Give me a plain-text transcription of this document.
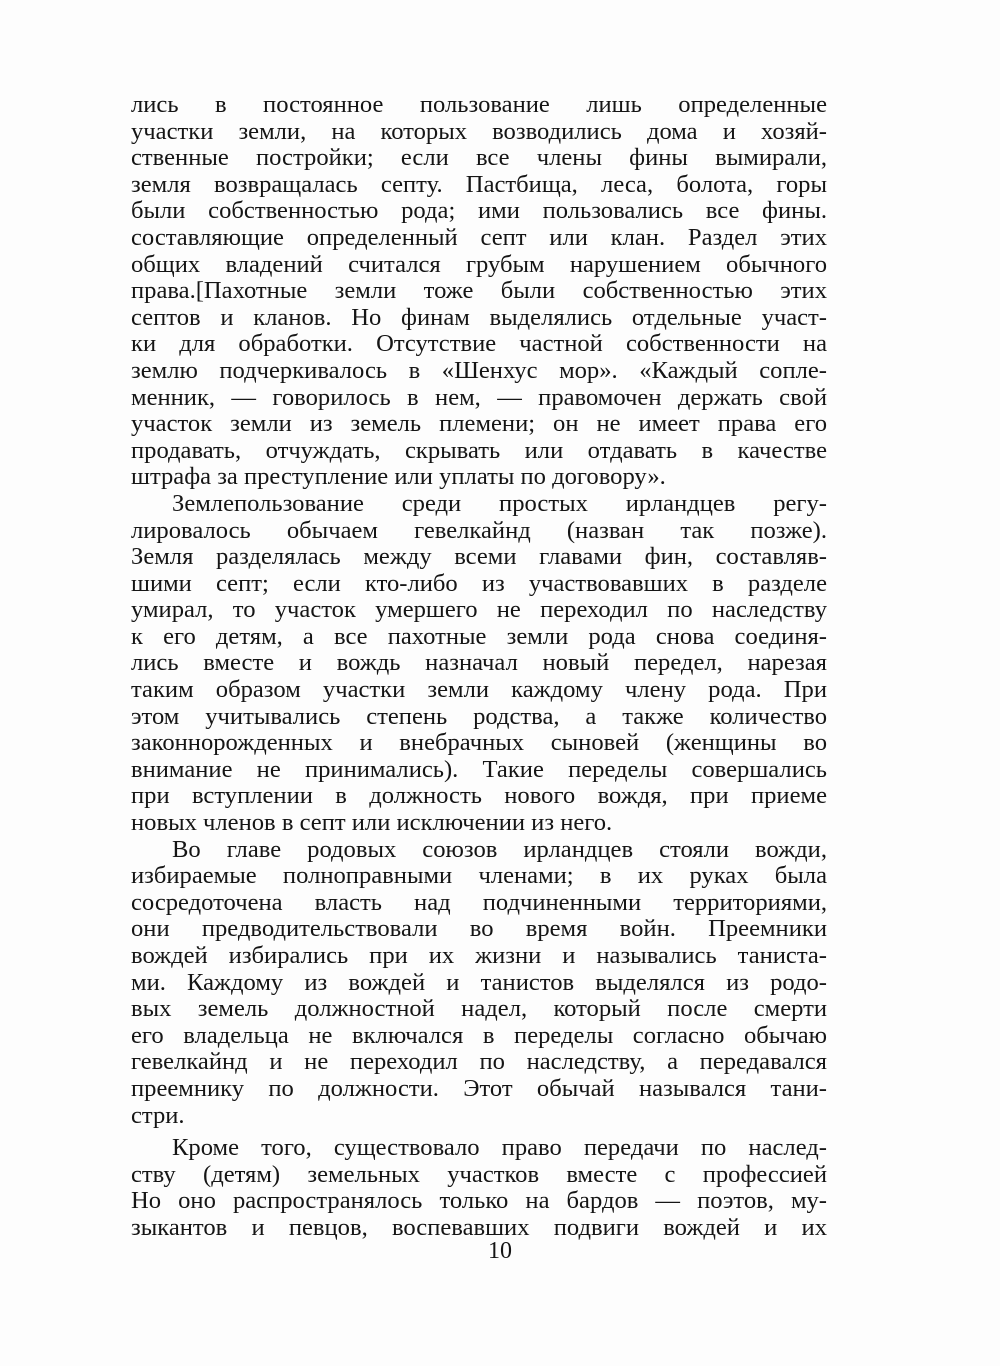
лись в постоянное пользование лишь определенные
участки земли, на которых возводились дома и хозяй-
ственные постройки; если все члены фины вымирали,
земля возвращалась септу. Пастбища, леса, болота, горы
были собственностью рода; ими пользовались все фины.
составляющие определенный септ или клан. Раздел этих
общих владений считался грубым нарушением обычного
права.[Пахотные земли тоже были собственностью этих
септов и кланов. Но финам выделялись отдельные участ-
ки для обработки. Отсутствие частной собственности на
землю подчеркивалось в «Шенхус мор». «Каждый сопле-
менник, — говорилось в нем, — правомочен держать свой
участок земли из земель племени; он не имеет права его
продавать, отчуждать, скрывать или отдавать в качестве
штрафа за преступление или уплаты по договору».
Землепользование среди простых ирландцев регу-
лировалось обычаем гевелкайнд (назван так позже).
Земля разделялась между всеми главами фин, составляв-
шими септ; если кто-либо из участвовавших в разделе
умирал, то участок умершего не переходил по наследству
к его детям, а все пахотные земли рода снова соединя-
лись вместе и вождь назначал новый передел, нарезая
таким образом участки земли каждому члену рода. При
этом учитывались степень родства, а также количество
законнорожденных и внебрачных сыновей (женщины во
внимание не принимались). Такие переделы совершались
при вступлении в должность нового вождя, при приеме
новых членов в септ или исключении из него.
Во главе родовых союзов ирландцев стояли вожди,
избираемые полноправными членами; в их руках была
сосредоточена власть над подчиненными территориями,
они предводительствовали во время войн. Преемники
вождей избирались при их жизни и назывались таниста-
ми. Каждому из вождей и танистов выделялся из родо-
вых земель должностной надел, который после смерти
его владельца не включался в переделы согласно обычаю
гевелкайнд и не переходил по наследству, а передавался
преемнику по должности. Этот обычай назывался тани-
стри.
Кроме того, существовало право передачи по наслед-
ству (детям) земельных участков вместе с профессией
Но оно распространялось только на бардов — поэтов, му-
зыкантов и певцов, воспевавших подвиги вождей и их
10
